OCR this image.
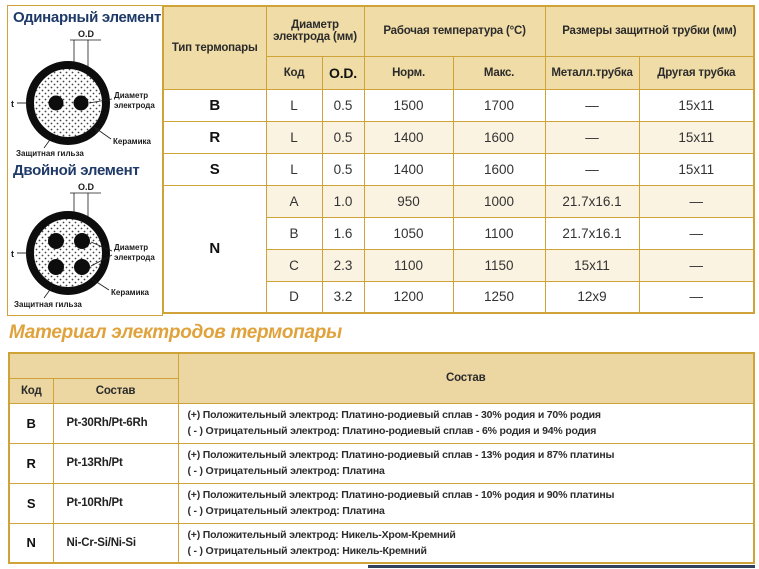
Одинарный элемент
O.D
t
Диаметр
электрода
Керамика
Защитная гильза
Двойной элемент
O.D
t
Диаметр
электрода
Керамика
Защитная гильза
Тип термопары	Диаметр электрода (мм)		Рабочая температура (°C)		Размеры защитной трубки (мм)	
	Код	O.D.	Норм.	Макс.	Металл.трубка	Другая трубка
B	L	0.5	1500	1700	—	15x11
R	L	0.5	1400	1600	—	15x11
S	L	0.5	1400	1600	—	15x11
N	A	1.0	950	1000	21.7x16.1	—
	B	1.6	1050	1100	21.7x16.1	—
	C	2.3	1100	1150	15x11	—
	D	3.2	1200	1250	12x9	—
Материал электродов термопары
		Состав
Код	Состав	
B	Pt-30Rh/Pt-6Rh	(+) Положительный электрод: Платино-родиевый сплав - 30% родия и 70% родия
( - ) Отрицательный электрод: Платино-родиевый сплав - 6% родия и 94% родия

R	Pt-13Rh/Pt	(+) Положительный электрод: Платино-родиевый сплав - 13% родия и 87% платины
( - ) Отрицательный электрод: Платина

S	Pt-10Rh/Pt	(+) Положительный электрод: Платино-родиевый сплав - 10% родия и 90% платины
( - ) Отрицательный электрод: Платина

N	Ni-Cr-Si/Ni-Si	(+) Положительный электрод: Никель-Хром-Кремний
( - ) Отрицательный электрод: Никель-Кремний
